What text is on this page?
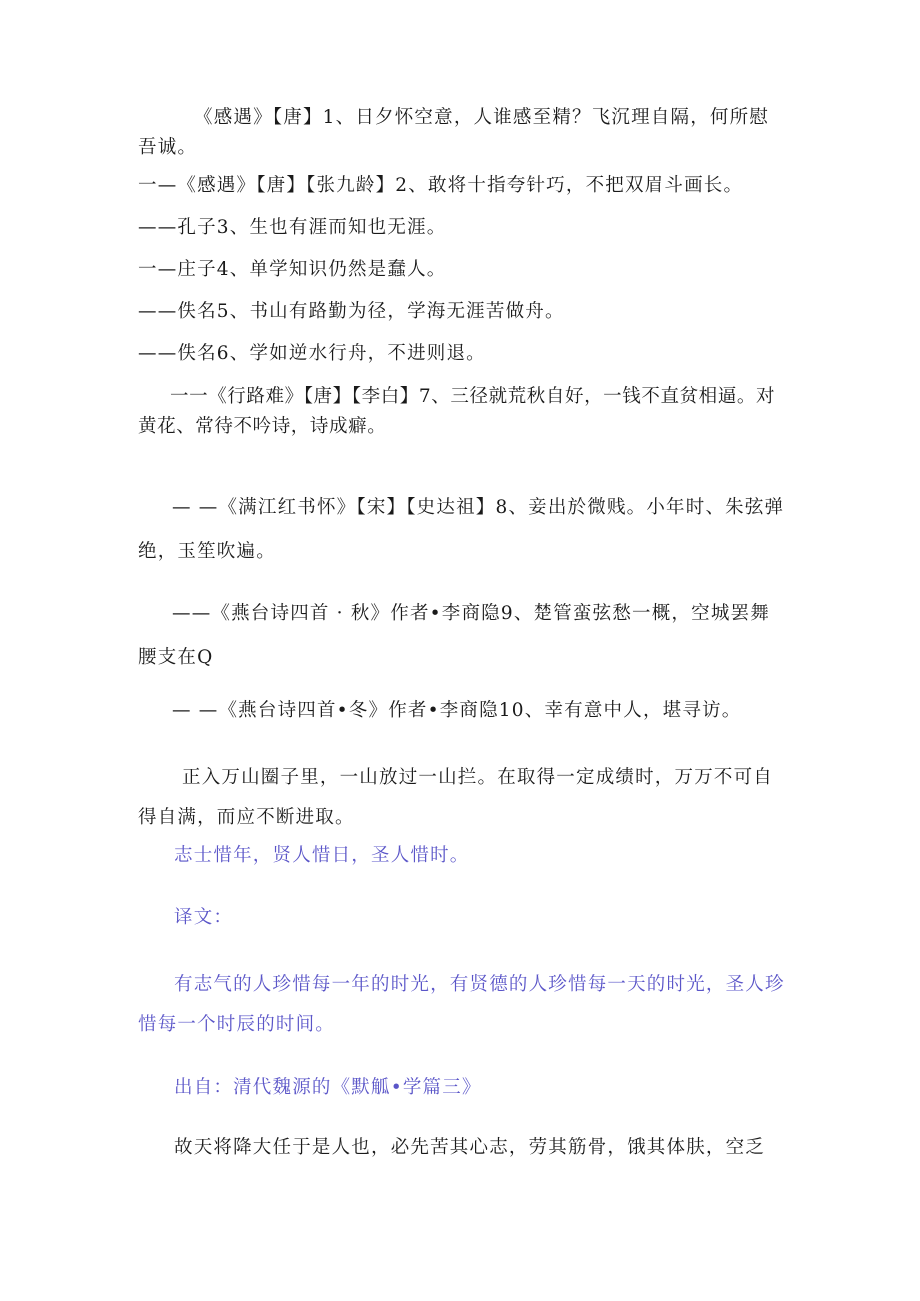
《感遇》【唐】1、日夕怀空意，人谁感至精？飞沉理自隔，何所慰吾诚。
一—《感遇》【唐】【张九龄】2、敢将十指夸针巧，不把双眉斗画长。
——孔子3、生也有涯而知也无涯。
一—庄子4、单学知识仍然是蠢人。
——佚名5、书山有路勤为径，学海无涯苦做舟。
——佚名6、学如逆水行舟，不进则退。
一一《行路难》【唐】【李白】7、三径就荒秋自好，一钱不直贫相逼。对黄花、常待不吟诗，诗成癖。
— —《满江红书怀》【宋】【史达祖】8、妾出於微贱。小年时、朱弦弹绝，玉笙吹遍。
——《燕台诗四首 · 秋》作者•李商隐9、楚管蛮弦愁一概，空城罢舞腰支在Q
— —《燕台诗四首•冬》作者•李商隐10、幸有意中人，堪寻访。
正入万山圈子里，一山放过一山拦。在取得一定成绩时，万万不可自得自满，而应不断进取。
志士惜年，贤人惜日，圣人惜时。
译文：
有志气的人珍惜每一年的时光，有贤德的人珍惜每一天的时光，圣人珍惜每一个时辰的时间。
出自：清代魏源的《默觚•学篇三》
故天将降大任于是人也，必先苦其心志，劳其筋骨，饿其体肤，空乏
